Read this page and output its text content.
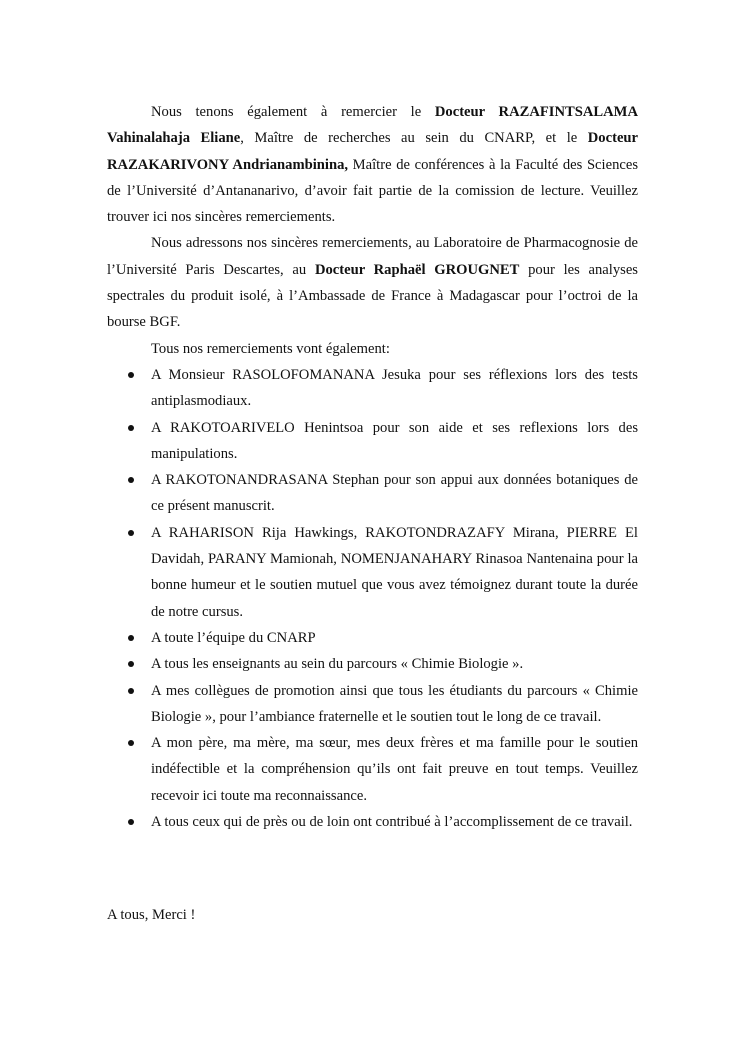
Nous tenons également à remercier le Docteur RAZAFINTSALAMA Vahinalahaja Eliane, Maître de recherches au sein du CNARP, et le Docteur RAZAKARIVONY Andrianambinina, Maître de conférences à la Faculté des Sciences de l’Université d’Antananarivo, d’avoir fait partie de la comission de lecture. Veuillez trouver ici nos sincères remerciements.

Nous adressons nos sincères remerciements, au Laboratoire de Pharmacognosie de l’Université Paris Descartes, au Docteur Raphaël GROUGNET pour les analyses spectrales du produit isolé, à l’Ambassade de France à Madagascar pour l’octroi de la bourse BGF.

Tous nos remerciements vont également:

A Monsieur RASOLOFOMANANA Jesuka pour ses réflexions lors des tests antiplasmodiaux.
A RAKOTOARIVELO Henintsoa pour son aide et ses reflexions lors des manipulations.
A RAKOTONANDRASANA Stephan pour son appui aux données botaniques de ce présent manuscrit.
A RAHARISON Rija Hawkings, RAKOTONDRAZAFY Mirana, PIERRE El Davidah, PARANY Mamionah, NOMENJANAHARY Rinasoa Nantenaina pour la bonne humeur et le soutien mutuel que vous avez témoignez durant toute la durée de notre cursus.
A toute l’équipe du CNARP
A tous les enseignants au sein du parcours « Chimie Biologie ».
A mes collègues de promotion ainsi que tous les étudiants du parcours « Chimie Biologie », pour l’ambiance fraternelle et le soutien tout le long de ce travail.
A mon père, ma mère, ma sœur, mes deux frères et ma famille pour le soutien indéfectible et la compréhension qu’ils ont fait preuve en tout temps. Veuillez recevoir ici toute ma reconnaissance.
A tous ceux qui de près ou de loin ont contribué à l’accomplissement de ce travail.
A tous, Merci !
